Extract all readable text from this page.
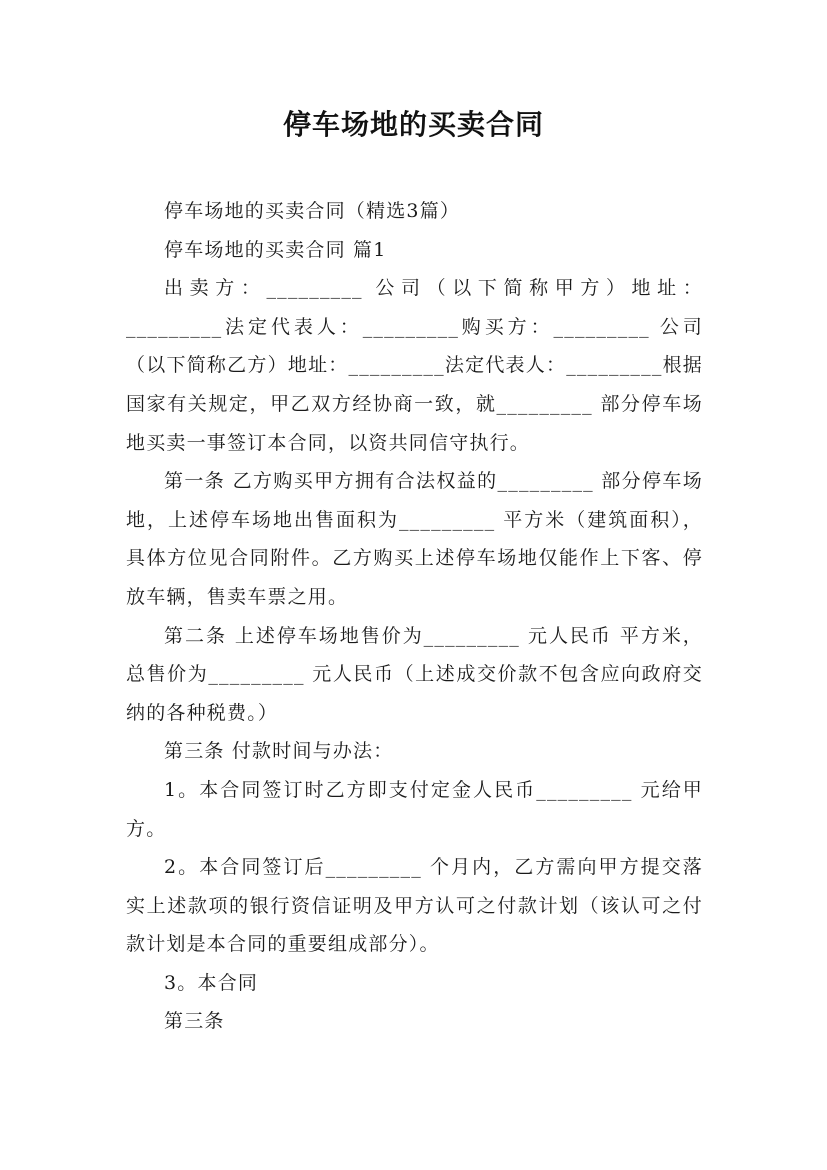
停车场地的买卖合同

停车场地的买卖合同（精选3篇）

停车场地的买卖合同 篇1

出卖方：_________ 公司（以下简称甲方）地址：_________法定代表人：_________购买方：_________ 公司（以下简称乙方）地址：_________法定代表人：_________根据国家有关规定，甲乙双方经协商一致，就_________ 部分停车场地买卖一事签订本合同，以资共同信守执行。

第一条 乙方购买甲方拥有合法权益的_________ 部分停车场地，上述停车场地出售面积为_________ 平方米（建筑面积），具体方位见合同附件。乙方购买上述停车场地仅能作上下客、停放车辆，售卖车票之用。

第二条 上述停车场地售价为_________ 元人民币 平方米，总售价为_________ 元人民币（上述成交价款不包含应向政府交纳的各种税费。）

第三条 付款时间与办法：

1。本合同签订时乙方即支付定金人民币_________ 元给甲方。

2。本合同签订后_________ 个月内，乙方需向甲方提交落实上述款项的银行资信证明及甲方认可之付款计划（该认可之付款计划是本合同的重要组成部分）。

3。本合同

第三条
